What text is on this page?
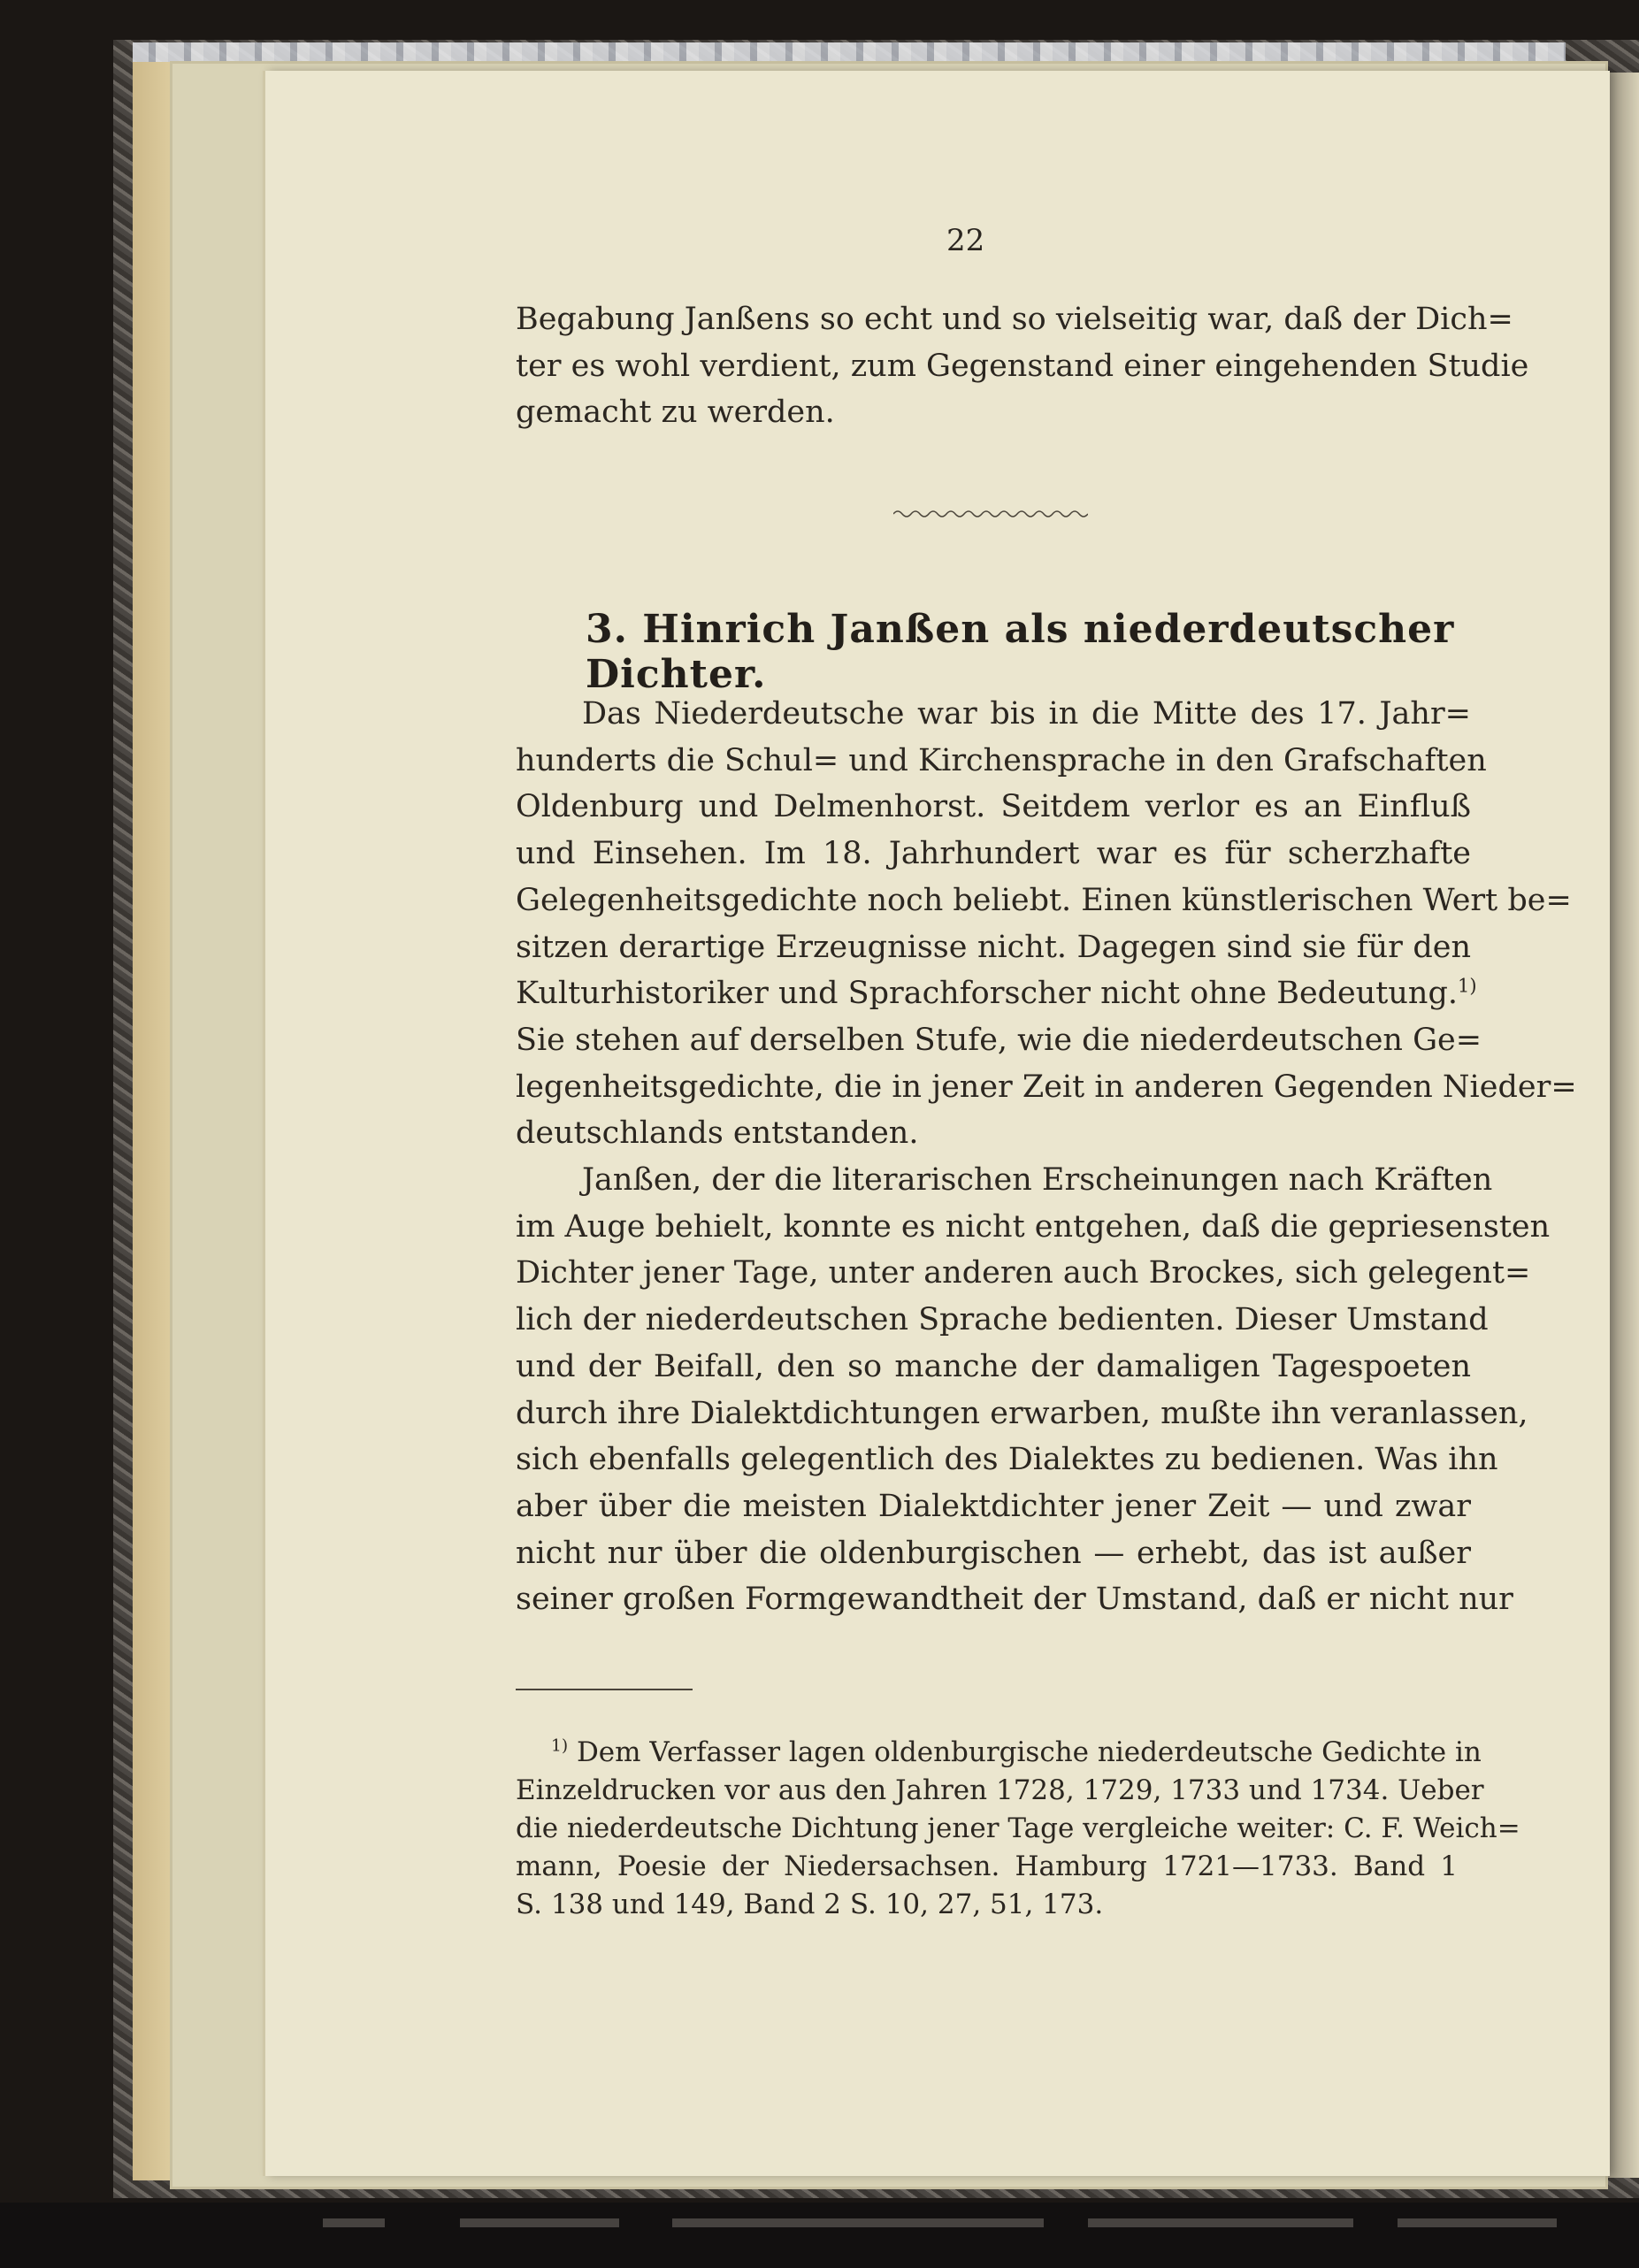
22

Begabung Janßens so echt und so vielseitig war, daß der Dich=
ter es wohl verdient, zum Gegenstand einer eingehenden Studie
gemacht zu werden.

3. Hinrich Janßen als niederdeutscher Dichter.

Das Niederdeutsche war bis in die Mitte des 17. Jahr=
hunderts die Schul= und Kirchensprache in den Grafschaften
Oldenburg und Delmenhorst. Seitdem verlor es an Einfluß
und Einsehen. Im 18. Jahrhundert war es für scherzhafte
Gelegenheitsgedichte noch beliebt. Einen künstlerischen Wert be=
sitzen derartige Erzeugnisse nicht. Dagegen sind sie für den
Kulturhistoriker und Sprachforscher nicht ohne Bedeutung.$^{1)}$
Sie stehen auf derselben Stufe, wie die niederdeutschen Ge=
legenheitsgedichte, die in jener Zeit in anderen Gegenden Nieder=
deutschlands entstanden.

Janßen, der die literarischen Erscheinungen nach Kräften
im Auge behielt, konnte es nicht entgehen, daß die gepriesensten
Dichter jener Tage, unter anderen auch Brockes, sich gelegent=
lich der niederdeutschen Sprache bedienten. Dieser Umstand
und der Beifall, den so manche der damaligen Tagespoeten
durch ihre Dialektdichtungen erwarben, mußte ihn veranlassen,
sich ebenfalls gelegentlich des Dialektes zu bedienen. Was ihn
aber über die meisten Dialektdichter jener Zeit — und zwar
nicht nur über die oldenburgischen — erhebt, das ist außer
seiner großen Formgewandtheit der Umstand, daß er nicht nur

$^{1)}$ Dem Verfasser lagen oldenburgische niederdeutsche Gedichte in
Einzeldrucken vor aus den Jahren 1728, 1729, 1733 und 1734. Ueber
die niederdeutsche Dichtung jener Tage vergleiche weiter: C. F. Weich=
mann, Poesie der Niedersachsen. Hamburg 1721—1733. Band 1
S. 138 und 149, Band 2 S. 10, 27, 51, 173.
